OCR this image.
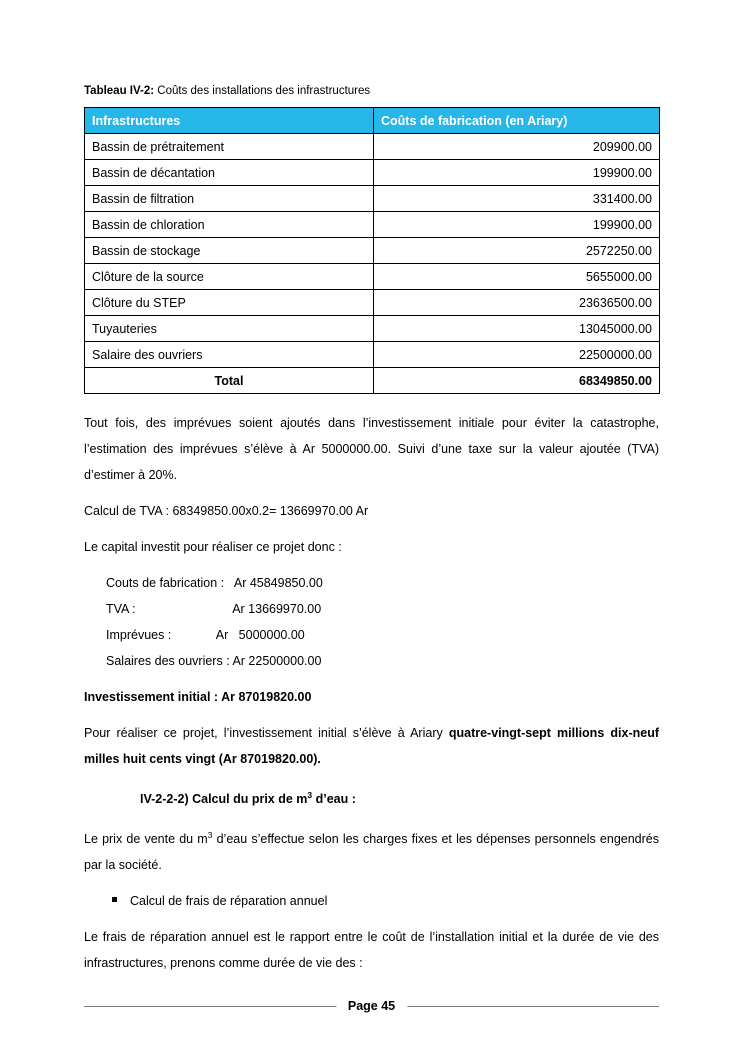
Tableau IV-2: Coûts des installations des infrastructures
Infrastructures	Coûts de fabrication (en Ariary)
Bassin de prétraitement	209900.00
Bassin de décantation	199900.00
Bassin de filtration	331400.00
Bassin de chloration	199900.00
Bassin de stockage	2572250.00
Clôture de la source	5655000.00
Clôture du STEP	23636500.00
Tuyauteries	13045000.00
Salaire des ouvriers	22500000.00
Total	68349850.00

Tout fois, des imprévues soient ajoutés dans l’investissement initiale pour éviter la catastrophe, l’estimation des imprévues s’élève à Ar 5000000.00. Suivi d’une taxe sur la valeur ajoutée (TVA) d’estimer à 20%.

Calcul de TVA : 68349850.00x0.2= 13669970.00 Ar

Le capital investit pour réaliser ce projet donc :

Couts de fabrication :   Ar 45849850.00

TVA :                            Ar 13669970.00

Imprévues :             Ar   5000000.00

Salaires des ouvriers : Ar 22500000.00

Investissement initial : Ar 87019820.00

Pour réaliser ce projet, l’investissement initial s’élève à Ariary quatre-vingt-sept millions dix-neuf milles huit cents vingt (Ar 87019820.00).

IV-2-2-2) Calcul du prix de $m^3$ d’eau :

Le prix de vente du $m^3$ d’eau s’effectue selon les charges fixes et les dépenses personnels engendrés par la société.

Calcul de frais de réparation annuel

Le frais de réparation annuel est le rapport entre le coût de l’installation initial et la durée de vie des infrastructures, prenons comme durée de vie des :

Page 45
